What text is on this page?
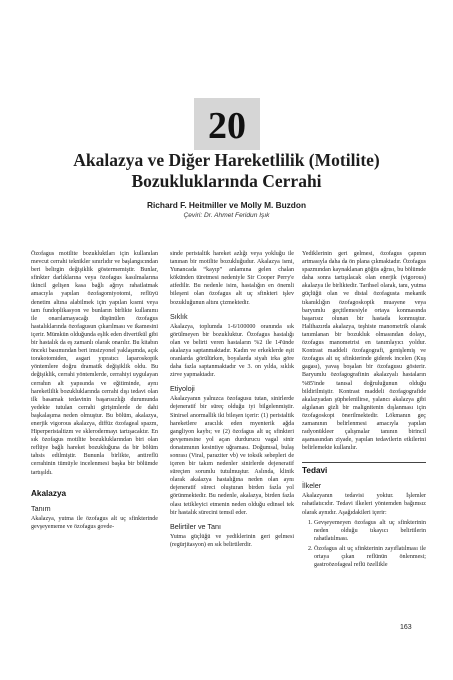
20
Akalazya ve Diğer Hareketlilik (Motilite)
Bozukluklarında Cerrahi
Richard F. Heitmiller ve Molly M. Buzdon
Çeviri: Dr. Ahmet Feridun Işık

Özofagus motilite bozukluktları için kullanılan mevcut cerrahi teknikler sınırlıdır ve başlangıcından beri belirgin değişiklik göstermemiştir. Bunlar, sfinkter darlıklarına veya özofagus kasılmalarına ikincil gelişen kasa bağlı ağrıyı rahatlatmak amacıyla yapılan özofagomiyotomi, reflüyü denetim altına alabilmek için yapılan kısmi veya tam fundoplikasyon ve bunların birlikte kullanımı ile onarılamayacağı düşünülen özofagus hastalıklarında özofagusun çıkarılması ve ikamesini içerir. Mümkün olduğunda eşlik eden divertikül gibi bir hastalık da eş zamanlı olarak onarılır. Bu kitabın önceki basımından beri imsizyonel yaklaşımda, açık torakotomiden, asgari yıpratıcı laparoskopik yöntemlere doğru dramatik değişiklik oldu. Bu değişiklik, cerrahi yöntemlerde, cerrahiyi uygulayan cerrahın alt yapısında ve eğitiminde, aynı hareketlilik bozukluklarında cerrahi dışı tedavi olan ilk basamak tedavinin başarısızlığı durumunda yedekte tutulan cerrahi girişimlerde de dahi başkalaşıma neden olmuştur. Bu bölüm, akalazya, enerjik vigorous akalazya, diffüz özofageal spazm, Hiperperistaltizm ve sklerodermayı tartışacaktır. En sık özofagus motilite bozukluklarından biri olan reflüye bağlı hareket bozukluğuna da bir bölüm tahsis edilmiştir. Bununla birlikte, antireflü cerrahinin tümüyle incelenmesi başka bir bölümde tartışıldı.

Akalazya
Tanım

Akalazya, yutma ile özofagus alt uç sfinkterinde gevşeyememe ve özofagus govde-

sinde peristaltik hareket azlığı veya yokluğu ile tanınan bir motilite bozukluğudur. Akalazya ismi, Yunancada “kayıp” anlamına gelen chalan kökünden türetmesi nedeniyle Sir Cooper Perry'e atfedilir. Bu nedenle isim, hastalığın en önemli bileşeni olan özofagus alt uç sfinkteri işlev bozukluğunun altını çizmektedir.

Sıklık

Akalazya, toplumda 1-6/100000 oranında sık görülmeyen bir bozukluktur. Özofagus hastalığı olan ve belirti veren hastaların %2 ile 14'ünde akalazya saptanmaktadır. Kadın ve erkeklerde eşit oranlarda görülürken, boyalarda siyah irka göre daha fazla saptanmaktadır ve 3. on yılda, sıklık zirve yapmaktadır.

Etiyoloji

Akalazyanın yalnızca özofagusu tutan, sinirlerde dejeneratif bir süreç olduğu iyi bilgelenmiştir. Sinirsel anormallik iki bileşen içerir: (1) peristaltik hareketlere aracılık eden myenterik ağda gangliyon kaybı; ve (2) özofagus alt uç sfinkteri gevşemesine yol açan durdurucu vagal sinir donatımının kesintiye uğraması. Doğumsal, bulaş sonrası (Viral, paraziter vb) ve toksik sebepleri de içeren bir takım nedenler sinirlerde dejeneratif süreçten sorumlu tutulmuştur. Aslında, klinik olarak akalazya hastalığına neden olan aynı dejeneratif süreci oluşturan birden fazla yol görünmektedir. Bu nedenle, akalazya, birden fazla olası tetikleyici etmenin neden olduğu edinsel tek bir hastalık sürecini temsil eder.

Belirtiler ve Tanı

Yutma güçlüğü ve yediklerinin geri gelmesi (regürjitasyon) en sık belirtilerdir.

Yediklerinin geri gelmesi, özofagus çapının artmasıyla daha da ön plana çıkmaktadır. Özofagus spazmından kaynaklanan göğüs ağrısı, bu bölümde daha sonra tartışılacak olan enerjik (vigorous) akalazya ile birliktedir. Tarihsel olarak, tanı, yutma güçlüğü olan ve distal özofagusta mekanik tıkanıklığın özofagoskopik muayene veya baryumlu geçitlemesiyle ortaya konmasında başarısız olunan bir hastada konmuştur. Halihazırda akalazya, teşhiste manometrik olarak tanımlanan bir bozukluk olmasından dolayı, özofagus manometrisi en tanımlayıcı yoldur. Kontrast maddeli özofagografi, genişlemiş ve özofagus alt uç sfinkterinde giderek incelen (Kuş gagası), yavaş boşalan bir özofagusu gösterir. Baryumlu özofagografinin akalazyalı hastaların %85'inde tanısal doğruluğunun olduğu bildirilmiştir. Kontrast maddeli özofagografide akalazyadan şüphelenilirse, yalancı akalazya gibi algılanan gizli bir malignitenin dışlanması için özofagoskopi önerilmektedir. Lökmanın geç zamanının belirlenmesi amacıyla yapılan radyonüklеer çalışmalar tanının birincil aşamasından ziyade, yapılan tedavilerin etkilerini belirlemekte kullanılır.

Tedavi
İlkeler

Akalazyanın tedavisi yoktur. İşlemler rahatlatıcıdır. Tedavi ilkeleri yöntemden bağımsız olarak aynıdır. Aşağıdakileri içerir:

1. Gevşeyemeyen özofagus alt uç sfinkterinin neden olduğu tıkayıcı belirtilerin rahatlatılması.
2. Özofagus alt uç sfinkterinin zayıflatılması ile ortaya çıkan reflünün önlenmesi; gastroözofageal reflü özellikle
163
